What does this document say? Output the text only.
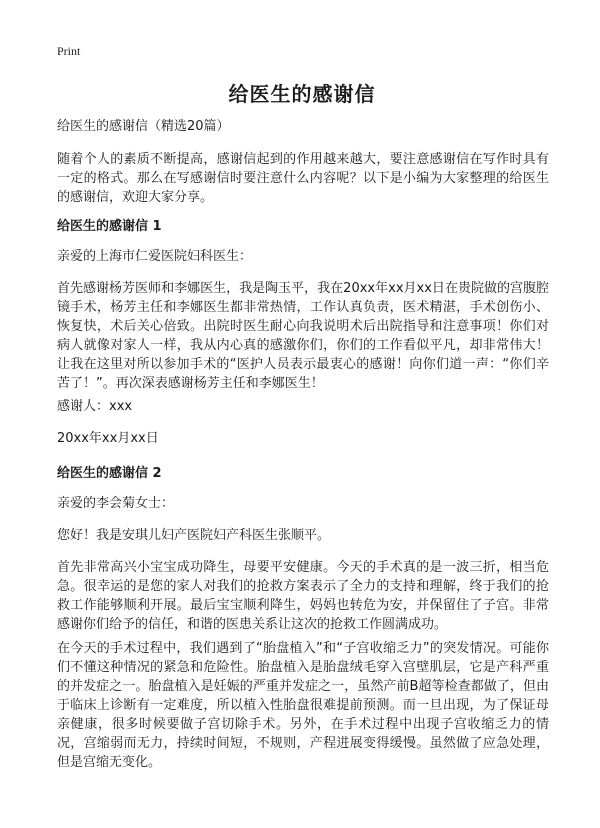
Print
给医生的感谢信

给医生的感谢信（精选20篇）

随着个人的素质不断提高，感谢信起到的作用越来越大，要注意感谢信在写作时具有一定的格式。那么在写感谢信时要注意什么内容呢？以下是小编为大家整理的给医生的感谢信，欢迎大家分享。

给医生的感谢信 1

亲爱的上海市仁爱医院妇科医生：

首先感谢杨芳医师和李娜医生，我是陶玉平，我在20xx年xx月xx日在贵院做的宫腹腔镜手术，杨芳主任和李娜医生都非常热情，工作认真负责，医术精湛，手术创伤小、恢复快，术后关心倍致。出院时医生耐心向我说明术后出院指导和注意事项！你们对病人就像对家人一样，我从内心真的感激你们，你们的工作看似平凡，却非常伟大！让我在这里对所以参加手术的“医护人员表示最衷心的感谢！向你们道一声：“你们辛苦了！”。再次深表感谢杨芳主任和李娜医生！

感谢人：xxx

20xx年xx月xx日

给医生的感谢信 2

亲爱的李会菊女士：

您好！我是安琪儿妇产医院妇产科医生张顺平。

首先非常高兴小宝宝成功降生，母要平安健康。今天的手术真的是一波三折，相当危急。很幸运的是您的家人对我们的抢救方案表示了全力的支持和理解，终于我们的抢救工作能够顺利开展。最后宝宝顺利降生，妈妈也转危为安，并保留住了子宫。非常感谢你们给予的信任，和谐的医患关系让这次的抢救工作圆满成功。

在今天的手术过程中，我们遇到了“胎盘植入”和“子宫收缩乏力”的突发情况。可能你们不懂这种情况的紧急和危险性。胎盘植入是胎盘绒毛穿入宫壁肌层，它是产科严重的并发症之一。胎盘植入是妊娠的严重并发症之一，虽然产前B超等检查都做了，但由于临床上诊断有一定难度，所以植入性胎盘很难提前预测。而一旦出现，为了保证母亲健康，很多时候要做子宫切除手术。另外，在手术过程中出现子宫收缩乏力的情况，宫缩弱而无力，持续时间短，不规则，产程进展变得缓慢。虽然做了应急处理，但是宫缩无变化。
